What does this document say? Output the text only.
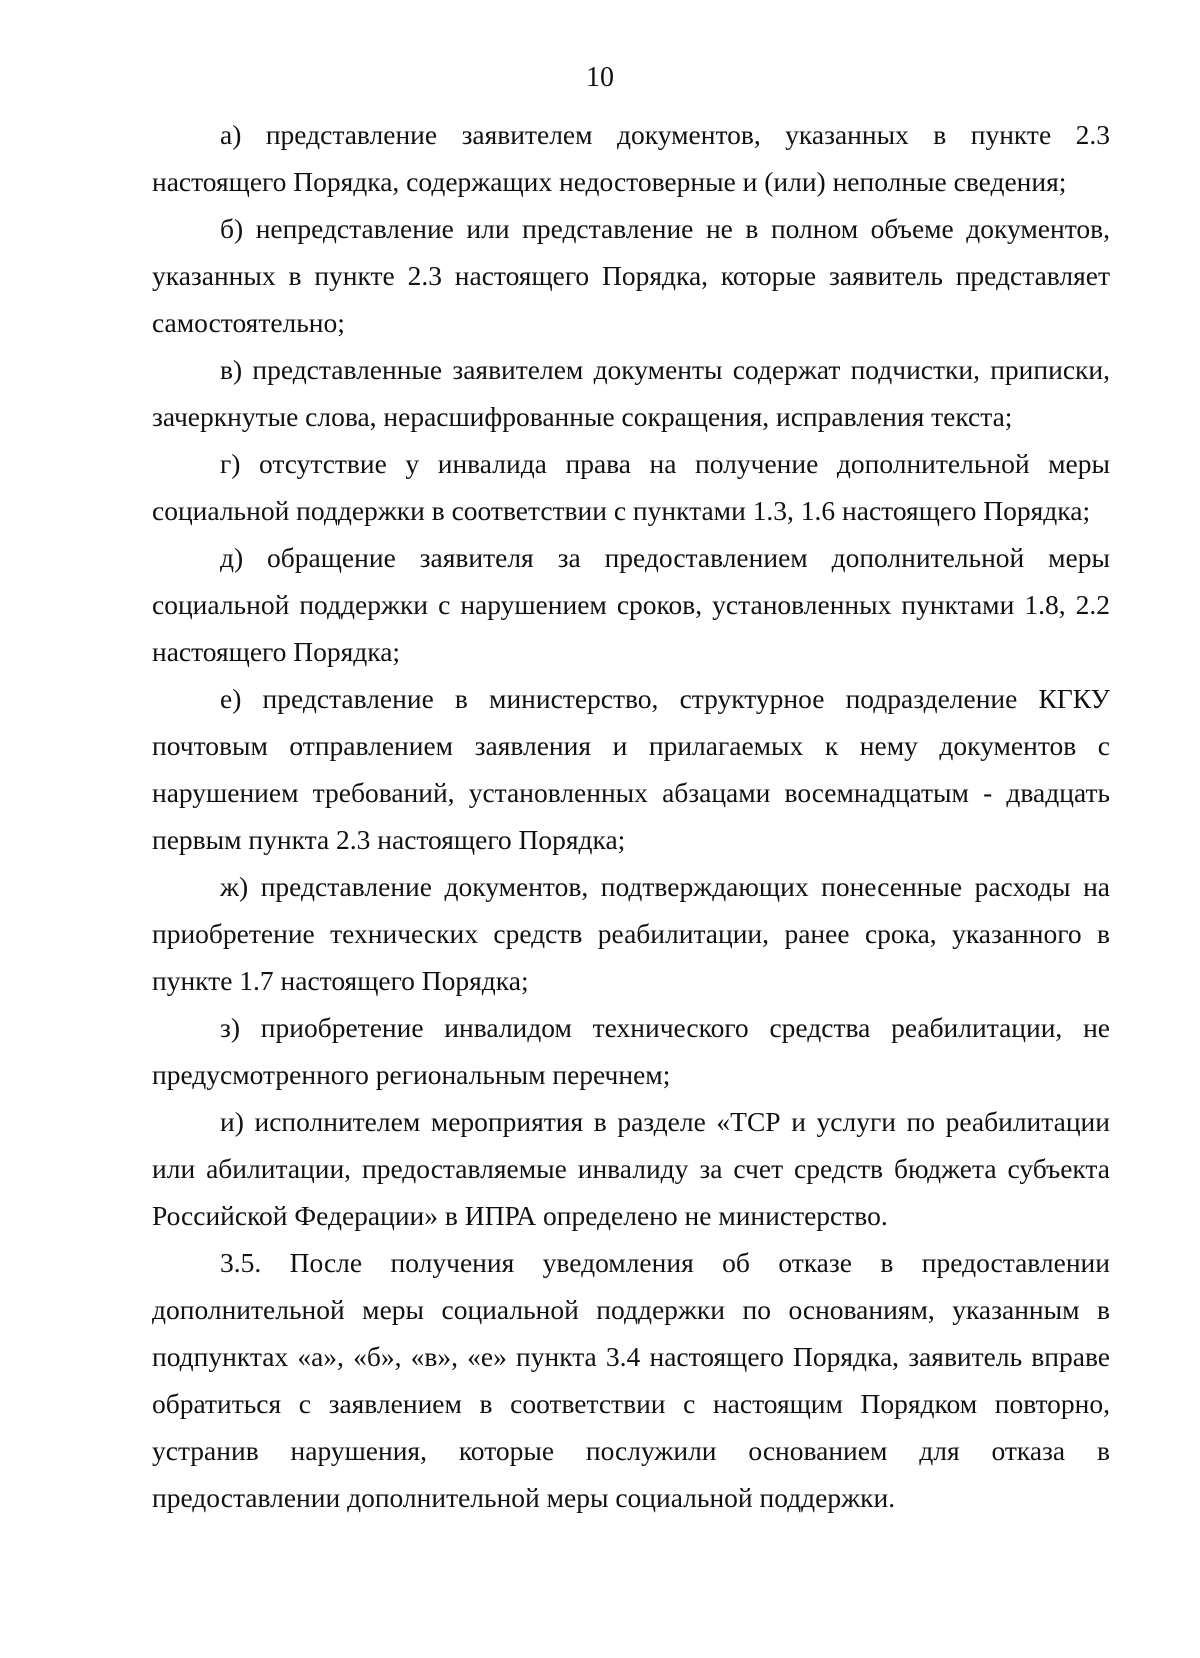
10

а) представление заявителем документов, указанных в пункте 2.3 настоящего Порядка, содержащих недостоверные и (или) неполные сведения;

б) непредставление или представление не в полном объеме документов, указанных в пункте 2.3 настоящего Порядка, которые заявитель представляет самостоятельно;

в) представленные заявителем документы содержат подчистки, приписки, зачеркнутые слова, нерасшифрованные сокращения, исправления текста;

г) отсутствие у инвалида права на получение дополнительной меры социальной поддержки в соответствии с пунктами 1.3, 1.6 настоящего Порядка;

д) обращение заявителя за предоставлением дополнительной меры социальной поддержки с нарушением сроков, установленных пунктами 1.8, 2.2 настоящего Порядка;

е) представление в министерство, структурное подразделение КГКУ почтовым отправлением заявления и прилагаемых к нему документов с нарушением требований, установленных абзацами восемнадцатым - двадцать первым пункта 2.3 настоящего Порядка;

ж) представление документов, подтверждающих понесенные расходы на приобретение технических средств реабилитации, ранее срока, указанного в пункте 1.7 настоящего Порядка;

з) приобретение инвалидом технического средства реабилитации, не предусмотренного региональным перечнем;

и) исполнителем мероприятия в разделе «ТСР и услуги по реабилитации или абилитации, предоставляемые инвалиду за счет средств бюджета субъекта Российской Федерации» в ИПРА определено не министерство.

3.5. После получения уведомления об отказе в предоставлении дополнительной меры социальной поддержки по основаниям, указанным в подпунктах «а», «б», «в», «е» пункта 3.4 настоящего Порядка, заявитель вправе обратиться с заявлением в соответствии с настоящим Порядком повторно, устранив нарушения, которые послужили основанием для отказа в предоставлении дополнительной меры социальной поддержки.
